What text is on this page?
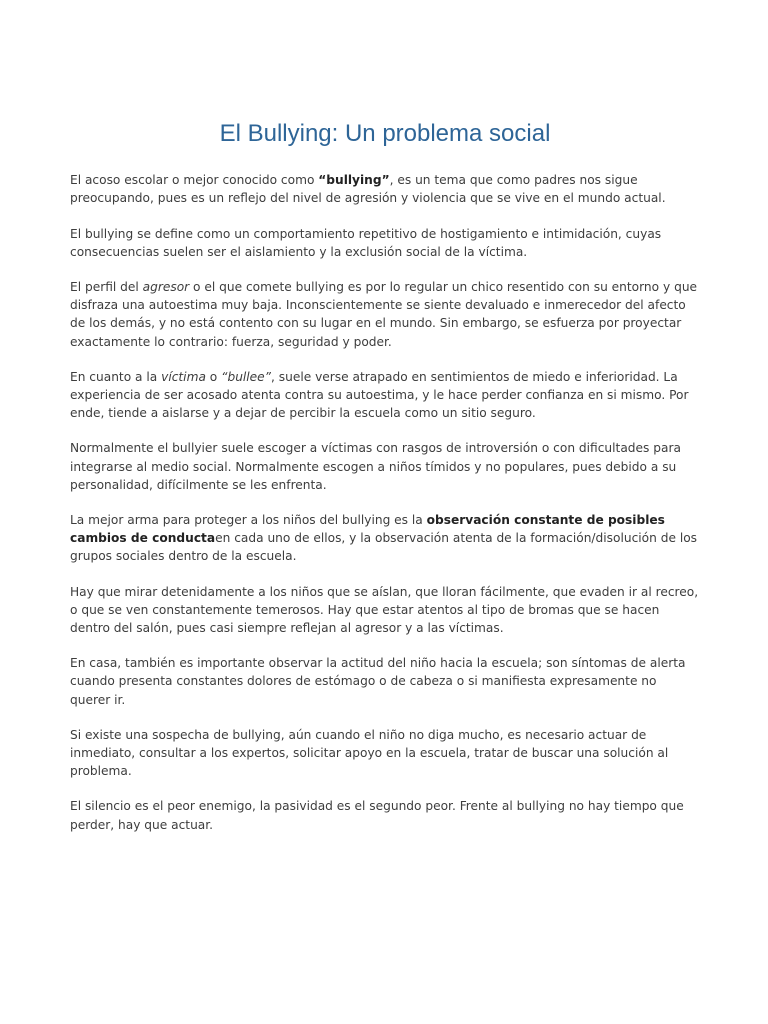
El Bullying: Un problema social

El acoso escolar o mejor conocido como “bullying”, es un tema que como padres nos sigue preocupando, pues es un reflejo del nivel de agresión y violencia que se vive en el mundo actual.

El bullying se define como un comportamiento repetitivo de hostigamiento e intimidación, cuyas consecuencias suelen ser el aislamiento y la exclusión social de la víctima.

El perfil del agresor o el que comete bullying es por lo regular un chico resentido con su entorno y que disfraza una autoestima muy baja. Inconscientemente se siente devaluado e inmerecedor del afecto de los demás, y no está contento con su lugar en el mundo. Sin embargo, se esfuerza por proyectar exactamente lo contrario: fuerza, seguridad y poder.

En cuanto a la víctima o “bullee”, suele verse atrapado en sentimientos de miedo e inferioridad. La experiencia de ser acosado atenta contra su autoestima, y le hace perder confianza en si mismo. Por ende, tiende a aislarse y a dejar de percibir la escuela como un sitio seguro.

Normalmente el bullyier suele escoger a víctimas con rasgos de introversión o con dificultades para integrarse al medio social. Normalmente escogen a niños tímidos y no populares, pues debido a su personalidad, difícilmente se les enfrenta.

La mejor arma para proteger a los niños del bullying es la observación constante de posibles cambios de conductaen cada uno de ellos, y la observación atenta de la formación/disolución de los grupos sociales dentro de la escuela.

Hay que mirar detenidamente a los niños que se aíslan, que lloran fácilmente, que evaden ir al recreo, o que se ven constantemente temerosos. Hay que estar atentos al tipo de bromas que se hacen dentro del salón, pues casi siempre reflejan al agresor y a las víctimas.

En casa, también es importante observar la actitud del niño hacia la escuela; son síntomas de alerta cuando presenta constantes dolores de estómago o de cabeza o si manifiesta expresamente no querer ir.

Si existe una sospecha de bullying, aún cuando el niño no diga mucho, es necesario actuar de inmediato, consultar a los expertos, solicitar apoyo en la escuela, tratar de buscar una solución al problema.

El silencio es el peor enemigo, la pasividad es el segundo peor. Frente al bullying no hay tiempo que perder, hay que actuar.
